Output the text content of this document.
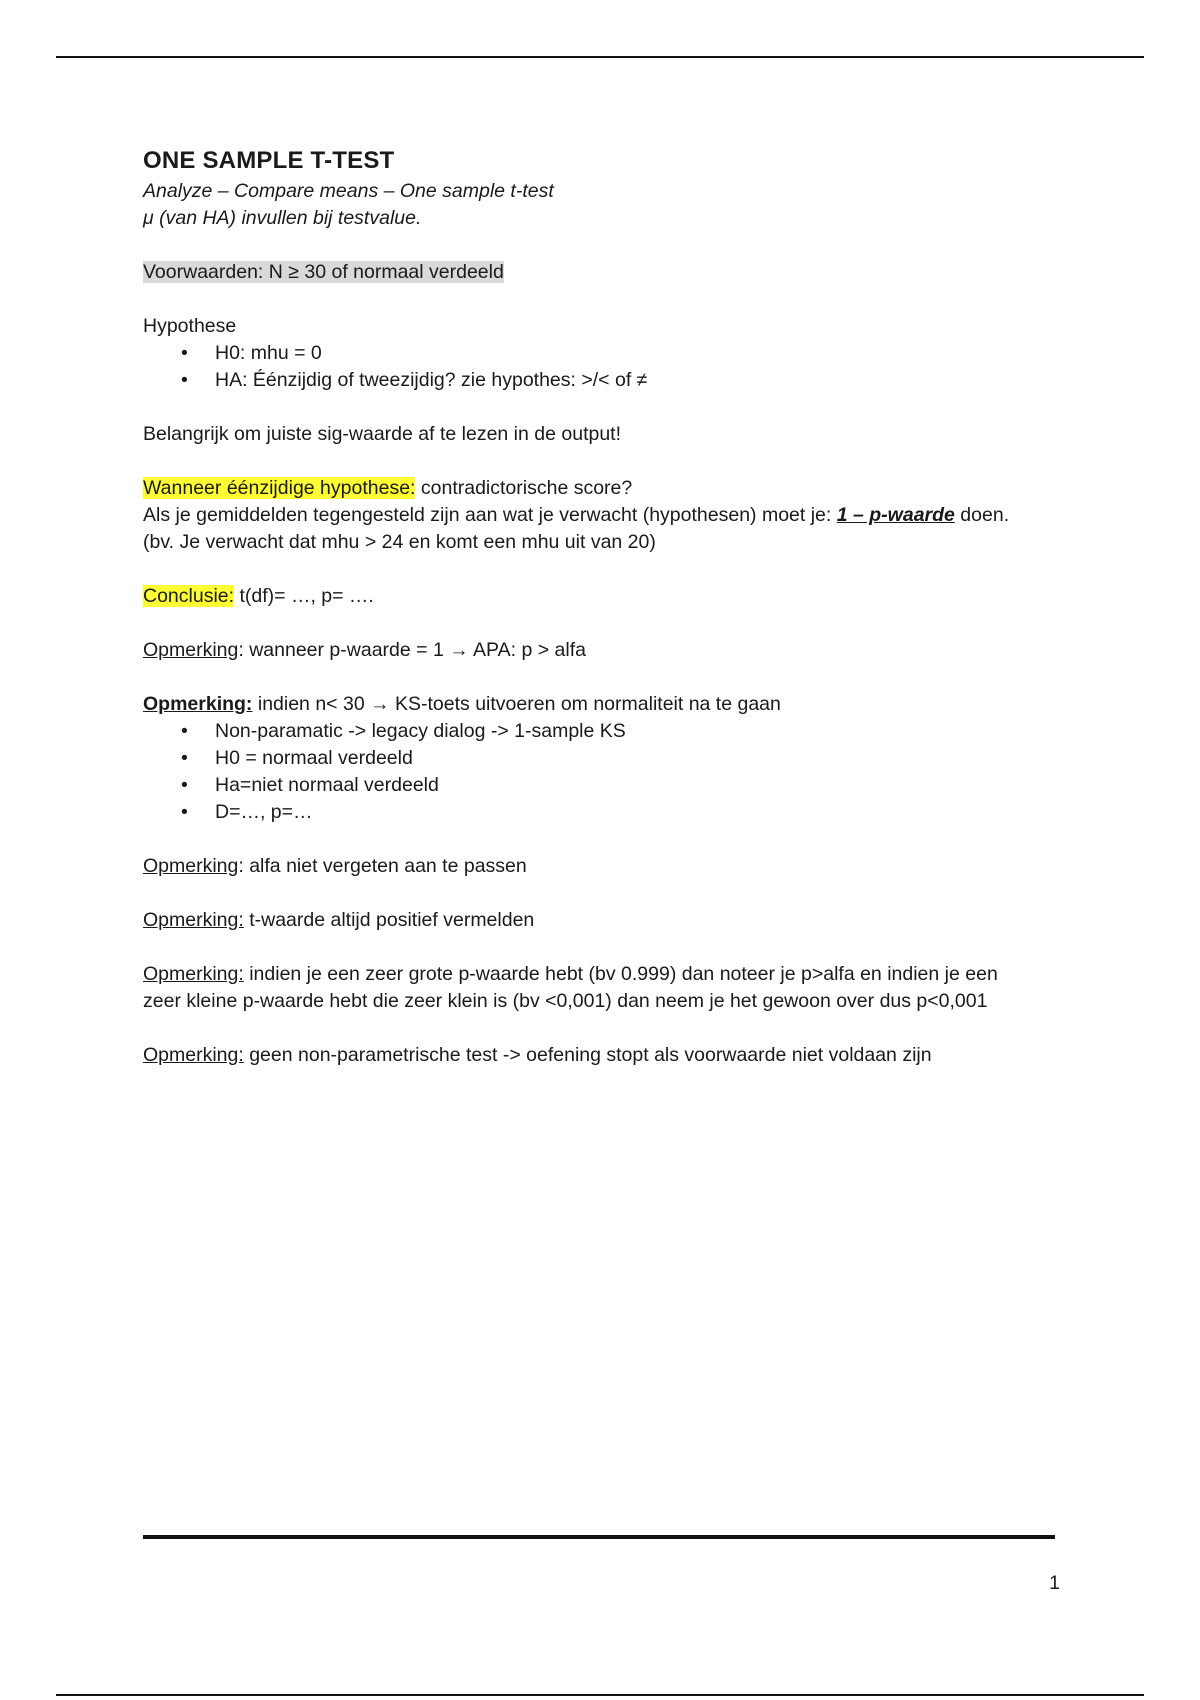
ONE SAMPLE T-TEST

Analyze – Compare means – One sample t-test

μ (van HA) invullen bij testvalue.

Voorwaarden: N ≥ 30 of normaal verdeeld

Hypothese

• H0: mhu = 0
• HA: Éénzijdig of tweezijdig? zie hypothes: >/< of ≠

Belangrijk om juiste sig-waarde af te lezen in de output!

Wanneer éénzijdige hypothese: contradictorische score?

Als je gemiddelden tegengesteld zijn aan wat je verwacht (hypothesen) moet je: 1 – p-waarde doen.

(bv. Je verwacht dat mhu > 24 en komt een mhu uit van 20)

Conclusie: t(df)= …, p= ….

Opmerking: wanneer p-waarde = 1 → APA: p > alfa

Opmerking: indien n< 30 → KS-toets uitvoeren om normaliteit na te gaan

• Non-paramatic -> legacy dialog -> 1-sample KS
• H0 = normaal verdeeld
• Ha=niet normaal verdeeld
• D=…, p=…

Opmerking: alfa niet vergeten aan te passen

Opmerking: t-waarde altijd positief vermelden

Opmerking: indien je een zeer grote p-waarde hebt (bv 0.999) dan noteer je p>alfa en indien je een

zeer kleine p-waarde hebt die zeer klein is (bv <0,001) dan neem je het gewoon over dus p<0,001

Opmerking: geen non-parametrische test -> oefening stopt als voorwaarde niet voldaan zijn

1
